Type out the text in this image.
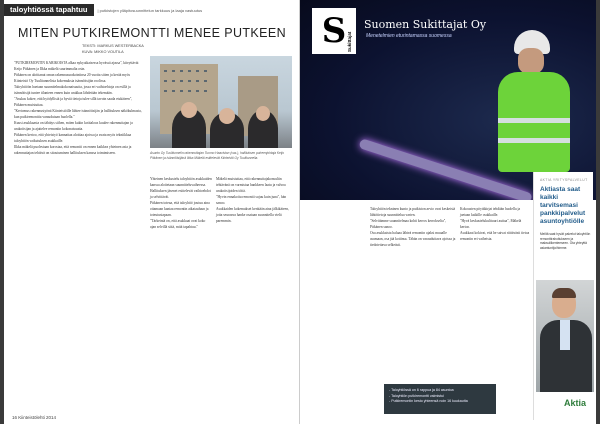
taloyhtiössä tapahtuu	| putkistojen ylläpitosuunnittelun tarkkuus ja laaja vastuutus
MITEN PUTKIREMONTTI MENEE PUTKEEN
TEKSTI: MARKUS WESTERBACKA
KUVA: MIKKO VOUTILA

"PUTKIREMONTIN KARIKOISTA alkaa nykyaikaisessa hyvässä ajassa", kiteyttävät Keijo Pitkänen ja Ilkka mäkelä suurimmalta osin.

Pitkänen on aloittanut oman rakennusurakointinsa 20 vuotta sitten ja kerää myös Kiinteistö Oy Tuulitunnelista kokemuksia isännöitsijän roolissa.

Taloyhtiöön haetaan suunnitelmakokonaisuutta, jossa eri vaihtoehtoja on esillä ja isännöitsijä tuntee tilanteen ennen kuin urakkaa lähdetään tekemään.

"Asukas kokee, että hyödyllisiä ja hyviä tietoja tulee sillä tavoin saada etukäteen", Pitkänen muistuttaa.

"Kertomus rakennustyönä Kiinteistöille lähtee isännöitsijän ja hallituksen näkökulmasta, kun putkiremonttia varaudutaan huolella."

Kuusi asukkaasta on tähtäys siihen, miten kukin kotitalous kuulee rakennuttajan ja urakoitsijan ja ajattelee remontin kokonaisuutta.

Pitkänen kertoo, että yhteistyö kannattaa aloittaa ajoissa ja avata myös tekniikkaa taloyhtiön vaikutuksen asukkaille.

Ilkka mäkelä puolestaan korostaa, että remontti on ennen kaikkea yhteinen asia ja rakennuttajan tehtävä on sitoutuminen hallituksen kanssa toimimiseen.	Asunto Oy Tuulitunnelin rakennuttajan Tuomo Haaviston (vas.), hallituksen puheenjohtaja Keijo Pitkänen ja isännöitsijänä Ilkka Mäkelä esittelevät Kiinteistö Oy Tuulitunnelia.

Yhteinen keskustelu taloyhtiön asukkaiden kanssa aloitetaan suunnitteluvaiheessa. Hallituksen jäsenet esittelevät vaihtoehdot ja selvittävät.

Pitkänen toteaa, että taloyhtiö joutuu aina ottamaan kantaa remontin aikatauluun ja toteutustapaan.

"Tärkeintä on, että asukkaat ovat koko ajan selvillä siitä, mitä tapahtuu."

Mäkelä muistuttaa, että rakennuttajakonsultin tehtävänä on varmistaa hankkeen laatu ja valvoa urakoitsijoiden töitä.

"Hyvin ennakoitu remontti sujuu kuin juna", hän sanoo.

Asukkaiden kokemukset kerätään aina jälkikäteen, jotta seuraava hanke osataan suunnitella vielä paremmin.

16 Kiinteistölehti 2014
S Sukittajat
Suomen Sukittajat Oy
Menetelmien eturintamassa suomessa

Taloyhtiön tekninen kunto ja putkiston arvio ovat keskeisiä lähtötietoja suunnittelua varten.

"Selvitämme suunnitelmaa kohti kerros kerrokselta", Pitkänen sanoo.

Osa asukkaista haluaa lähteä remontin ajaksi muualle asumaan, osa jää kotiinsa. Tähän on varauduttava ajoissa ja tiedotettava selkeästi.

Kokousten pöytäkirjat tehdään huolella ja jaetaan kaikille osakkaille.

"Hyvä keskustelukulttuuri auttaa", Mäkelä kertoo.

Asukkaat kokivat, että he saivat riittävästi tietoa remontin eri vaiheista.

- Taloyhtiössä on 6 rappua ja 84 asuntoa
- Taloyhtiön putkiremontti valmistui
- Putkiremontin kesto yhteensä noin 16 kuukautta
AKTIA YRITYSPALVELUT
Aktiasta saat kaikki tarvitsemasi pankkipalvelut asuntoyhtiölle
Meiltä saat hyvät palvelut taloyhtiön remonttirahoitukseen ja maksuliikenteeseen. Ota yhteyttä asiantuntijoihimme.
Aktia
